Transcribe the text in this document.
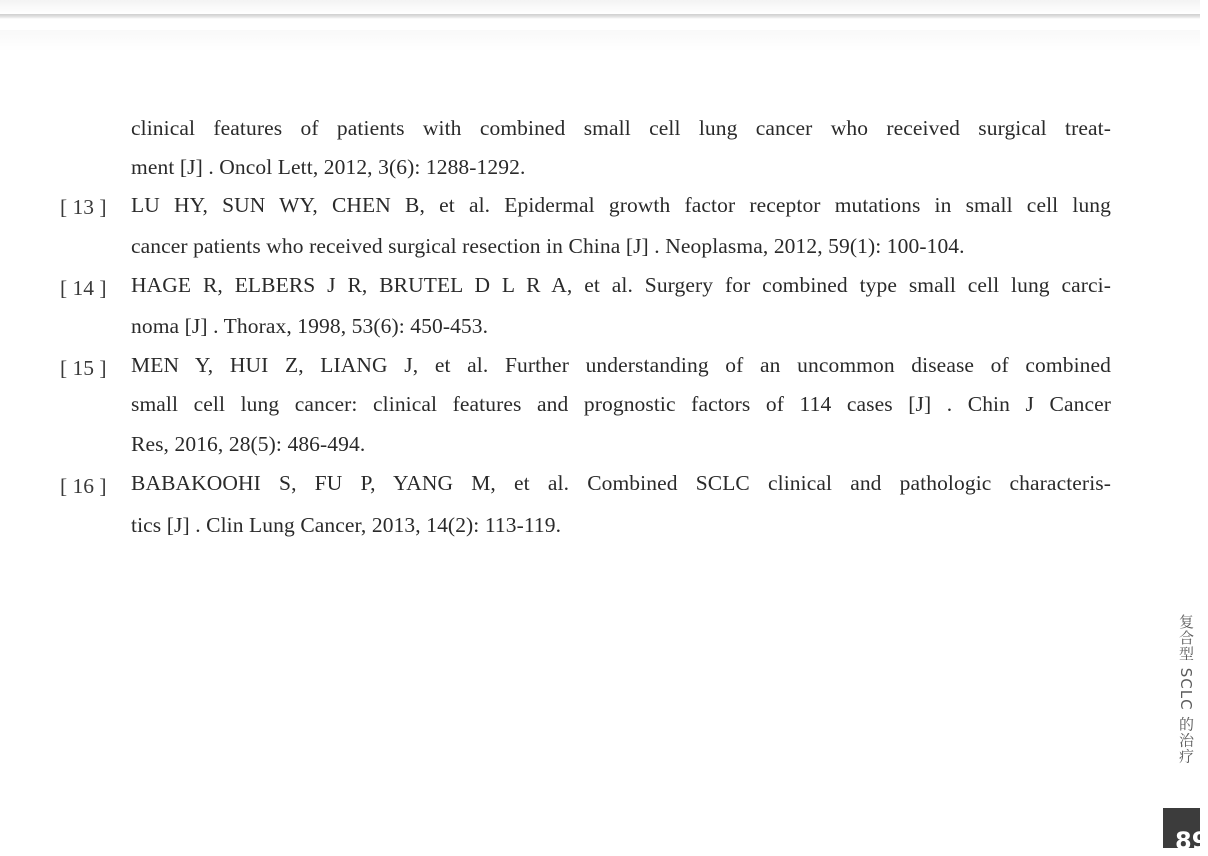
clinical features of patients with combined small cell lung cancer who received surgical treat-
ment [J] . Oncol Lett, 2012, 3(6): 1288-1292.
[ 13 ]	LU HY, SUN WY, CHEN B, et al. Epidermal growth factor receptor mutations in small cell lung
cancer patients who received surgical resection in China [J] . Neoplasma, 2012, 59(1): 100-104.
[ 14 ]	HAGE R, ELBERS J R, BRUTEL D L R A, et al. Surgery for combined type small cell lung carci-
noma [J] . Thorax, 1998, 53(6): 450-453.
[ 15 ]	MEN Y, HUI Z, LIANG J, et al. Further understanding of an uncommon disease of combined
small cell lung cancer: clinical features and prognostic factors of 114 cases [J] . Chin J Cancer
Res, 2016, 28(5): 486-494.
[ 16 ]	BABAKOOHI S, FU P, YANG M, et al. Combined SCLC clinical and pathologic characteris-
tics [J] . Clin Lung Cancer, 2013, 14(2): 113-119.
复合型 SCLC 的治疗
89
